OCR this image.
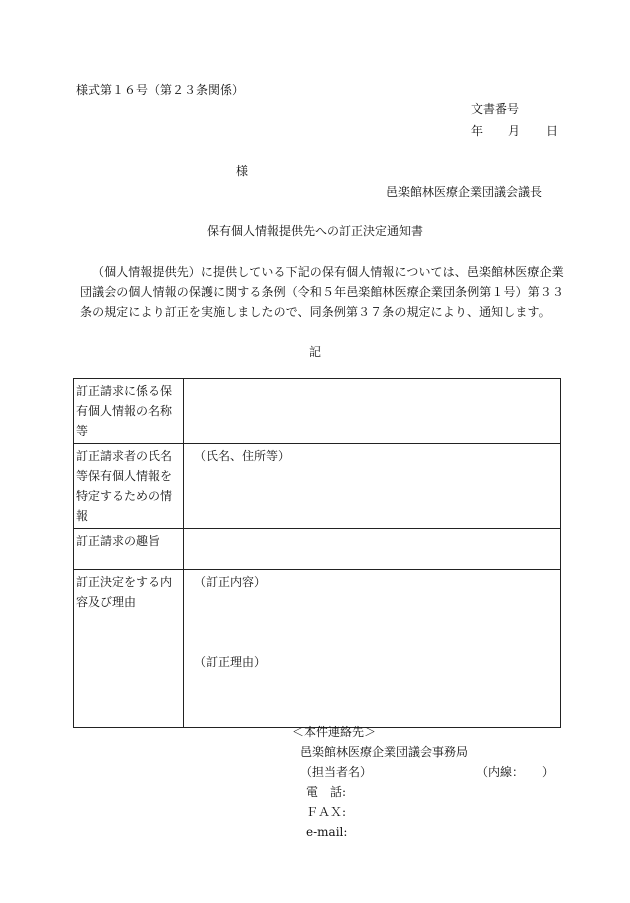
様式第１６号（第２３条関係）
文書番号
年 月 日
様
邑楽館林医療企業団議会議長
保有個人情報提供先への訂正決定通知書

（個人情報提供先）に提供している下記の保有個人情報については、邑楽館林医療企業団議会の個人情報の保護に関する条例（令和５年邑楽館林医療企業団条例第１号）第３３条の規定により訂正を実施しましたので、同条例第３７条の規定により、通知します。

記
訂正請求に係る保有個人情報の名称等	
訂正請求者の氏名等保有個人情報を特定するための情報	（氏名、住所等）
訂正請求の趣旨	
訂正決定をする内容及び理由	（訂正内容）
（訂正理由）
＜本件連絡先＞
邑楽館林医療企業団議会事務局
（担当者名）	（内線：　　）
電　話:
ＦＡＸ:
e-mail:
